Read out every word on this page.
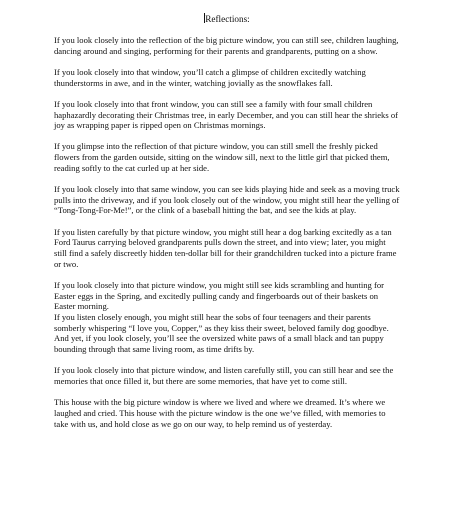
Reflections:

If you look closely into the reflection of the big picture window, you can still see, children laughing, dancing around and singing, performing for their parents and grandparents, putting on a show.

If you look closely into that window, you’ll catch a glimpse of children excitedly watching thunderstorms in awe, and in the winter, watching jovially as the snowflakes fall.

If you look closely into that front window, you can still see a family with four small children haphazardly decorating their Christmas tree, in early December, and you can still hear the shrieks of joy as wrapping paper is ripped open on Christmas mornings.

If you glimpse into the reflection of that picture window, you can still smell the freshly picked flowers from the garden outside, sitting on the window sill, next to the little girl that picked them, reading softly to the cat curled up at her side.

If you look closely into that same window, you can see kids playing hide and seek as a moving truck pulls into the driveway, and if you look closely out of the window, you might still hear the yelling of “Tong-Tong-For-Me!”, or the clink of a baseball hitting the bat, and see the kids at play.

If you listen carefully by that picture window, you might still hear a dog barking excitedly as a tan Ford Taurus carrying beloved grandparents pulls down the street, and into view; later, you might still find a safely discreetly hidden ten-dollar bill for their grandchildren tucked into a picture frame or two.

If you look closely into that picture window, you might still see kids scrambling and hunting for Easter eggs in the Spring, and excitedly pulling candy and fingerboards out of their baskets on Easter morning.

If you listen closely enough, you might still hear the sobs of four teenagers and their parents somberly whispering “I love you, Copper,” as they kiss their sweet, beloved family dog goodbye. And yet, if you look closely, you’ll see the oversized white paws of a small black and tan puppy bounding through that same living room, as time drifts by.

If you look closely into that picture window, and listen carefully still, you can still hear and see the memories that once filled it, but there are some memories, that have yet to come still.

This house with the big picture window is where we lived and where we dreamed. It’s where we laughed and cried. This house with the picture window is the one we’ve filled, with memories to take with us, and hold close as we go on our way, to help remind us of yesterday.
